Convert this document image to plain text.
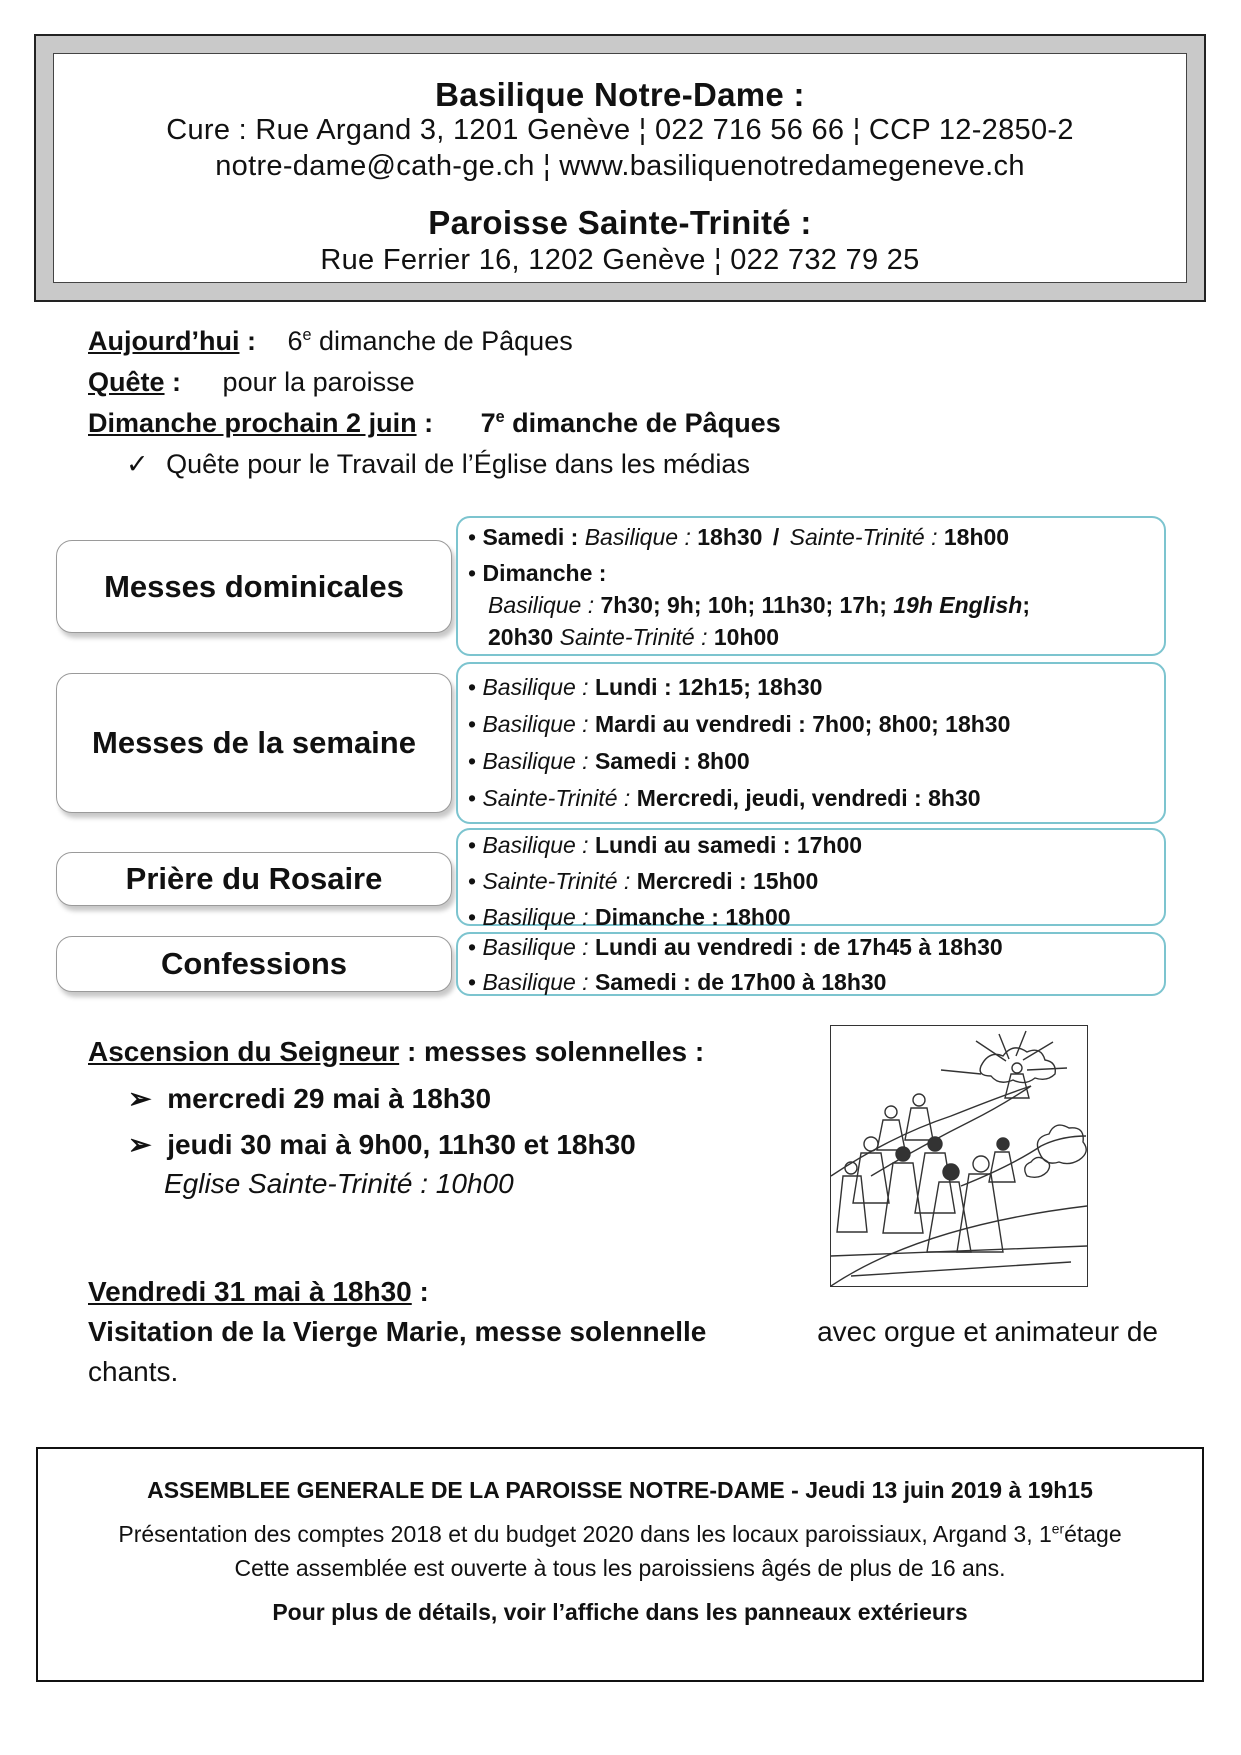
Basilique Notre-Dame :
Cure : Rue Argand 3, 1201 Genève ¦ 022 716 56 66 ¦ CCP 12-2850-2
notre-dame@cath-ge.ch ¦ www.basiliquenotredamegeneve.ch
Paroisse Sainte-Trinité :
Rue Ferrier 16, 1202 Genève ¦ 022 732 79 25
Aujourd’hui : 6e dimanche de Pâques
Quête : pour la paroisse
Dimanche prochain 2 juin : 7e dimanche de Pâques
✓ Quête pour le Travail de l’Église dans les médias
Messes dominicales
• Samedi : Basilique : 18h30 / Sainte-Trinité : 18h00
• Dimanche :
Basilique : 7h30; 9h; 10h; 11h30; 17h; 19h English;
20h30 Sainte-Trinité : 10h00
Messes de la semaine
• Basilique : Lundi : 12h15; 18h30
• Basilique : Mardi au vendredi : 7h00; 8h00; 18h30
• Basilique : Samedi : 8h00
• Sainte-Trinité : Mercredi, jeudi, vendredi : 8h30
Prière du Rosaire
• Basilique : Lundi au samedi : 17h00
• Sainte-Trinité : Mercredi : 15h00
• Basilique : Dimanche : 18h00
Confessions	• Basilique : Lundi au vendredi : de 17h45 à 18h30
• Basilique : Samedi : de 17h00 à 18h30
Ascension du Seigneur : messes solennelles :
➢ mercredi 29 mai à 18h30
➢ jeudi 30 mai à 9h00, 11h30 et 18h30
Eglise Sainte-Trinité : 10h00
Vendredi 31 mai à 18h30 :
Visitation de la Vierge Marie, messe solennelle	avec orgue et animateur de
chants.
ASSEMBLEE GENERALE DE LA PAROISSE NOTRE-DAME - Jeudi 13 juin 2019 à 19h15
Présentation des comptes 2018 et du budget 2020 dans les locaux paroissiaux, Argand 3, 1erétage
Cette assemblée est ouverte à tous les paroissiens âgés de plus de 16 ans.
Pour plus de détails, voir l’affiche dans les panneaux extérieurs
